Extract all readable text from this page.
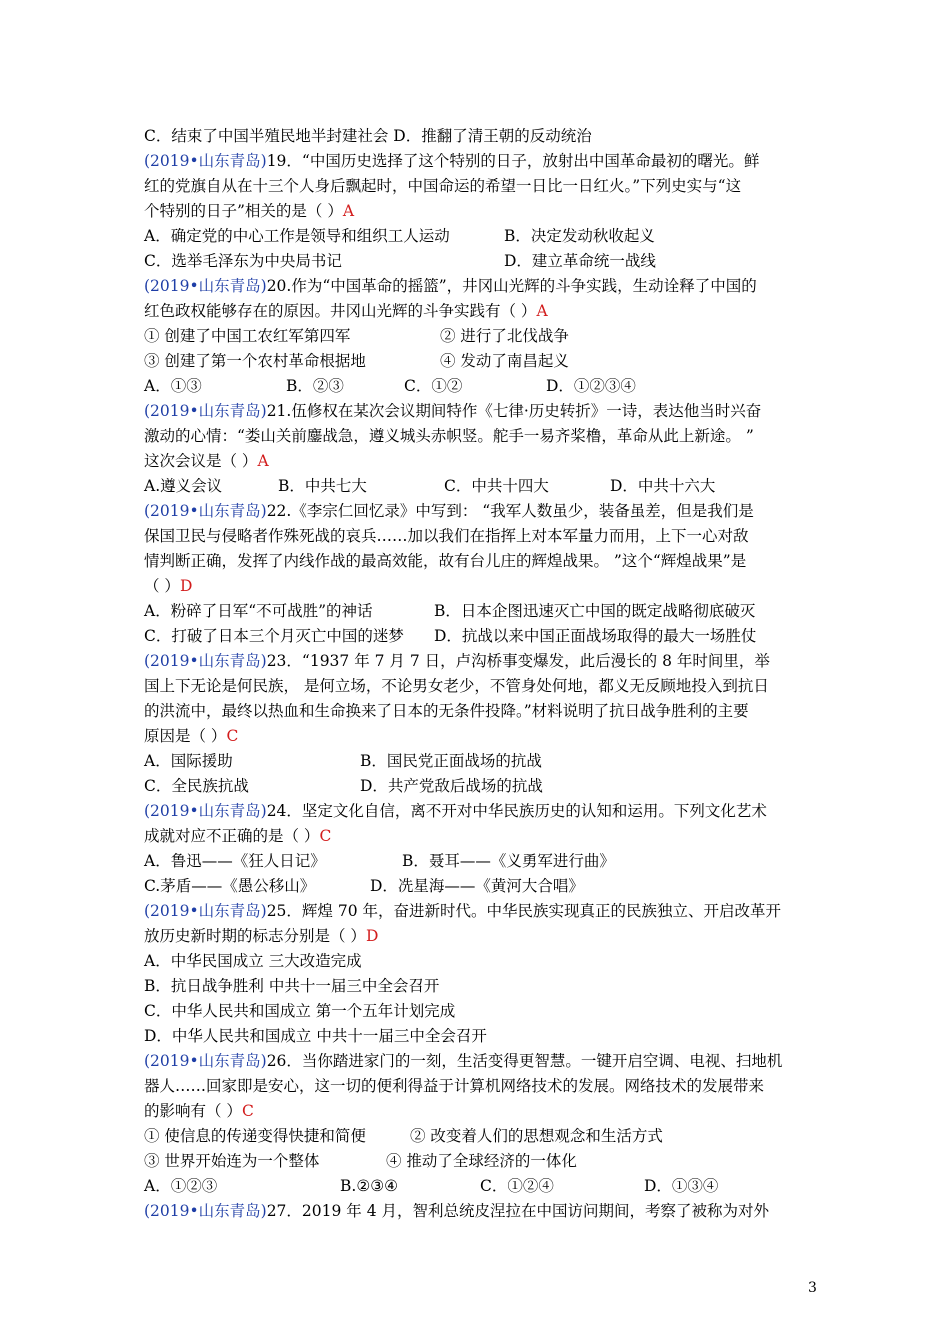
C．结束了中国半殖民地半封建社会 D．推翻了清王朝的反动统治
(2019•山东青岛)19．“中国历史选择了这个特别的日子，放射出中国革命最初的曙光。鲜
红的党旗自从在十三个人身后飘起时，中国命运的希望一日比一日红火。”下列史实与“这
个特别的日子”相关的是（ ）A
A．确定党的中心工作是领导和组织工人运动	B．决定发动秋收起义
C．选举毛泽东为中央局书记	D．建立革命统一战线
(2019•山东青岛)20.作为“中国革命的摇篮”，井冈山光辉的斗争实践，生动诠释了中国的
红色政权能够存在的原因。井冈山光辉的斗争实践有（ ）A
① 创建了中国工农红军第四军	② 进行了北伐战争
③ 创建了第一个农村革命根据地	④ 发动了南昌起义
A．①③	B．②③	C．①②	D．①②③④
(2019•山东青岛)21.伍修权在某次会议期间特作《七律·历史转折》一诗，表达他当时兴奋
激动的心情：“娄山关前鏖战急，遵义城头赤帜竖。舵手一易齐桨橹，革命从此上新途。 ”
这次会议是（ ）A
A.遵义会议	B．中共七大	C．中共十四大	D．中共十六大
(2019•山东青岛)22.《李宗仁回忆录》中写到： “我军人数虽少，装备虽差，但是我们是
保国卫民与侵略者作殊死战的哀兵……加以我们在指挥上对本军量力而用，上下一心对敌
情判断正确，发挥了内线作战的最高效能，故有台儿庄的辉煌战果。 ”这个“辉煌战果”是
（ ）D
A．粉碎了日军“不可战胜”的神话	B．日本企图迅速灭亡中国的既定战略彻底破灭
C．打破了日本三个月灭亡中国的迷梦 D．抗战以来中国正面战场取得的最大一场胜仗
(2019•山东青岛)23．“1937 年 7 月 7 日，卢沟桥事变爆发，此后漫长的 8 年时间里，举
国上下无论是何民族， 是何立场，不论男女老少，不管身处何地，都义无反顾地投入到抗日
的洪流中，最终以热血和生命换来了日本的无条件投降。”材料说明了抗日战争胜利的主要
原因是（ ）C
A．国际援助	B．国民党正面战场的抗战
C．全民族抗战	D．共产党敌后战场的抗战
(2019•山东青岛)24．坚定文化自信，离不开对中华民族历史的认知和运用。下列文化艺术
成就对应不正确的是（ ）C
A．鲁迅——《狂人日记》	B．聂耳——《义勇军进行曲》
C.茅盾——《愚公移山》	D．冼星海——《黄河大合唱》
(2019•山东青岛)25．辉煌 70 年，奋进新时代。中华民族实现真正的民族独立、开启改革开
放历史新时期的标志分别是（ ）D
A．中华民国成立 三大改造完成
B．抗日战争胜利 中共十一届三中全会召开
C．中华人民共和国成立 第一个五年计划完成
D．中华人民共和国成立 中共十一届三中全会召开
(2019•山东青岛)26．当你踏进家门的一刻，生活变得更智慧。一键开启空调、电视、扫地机
器人……回家即是安心，这一切的便利得益于计算机网络技术的发展。网络技术的发展带来
的影响有（ ）C
① 使信息的传递变得快捷和简便	② 改变着人们的思想观念和生活方式
③ 世界开始连为一个整体	④ 推动了全球经济的一体化
A．①②③	B.②③④	C．①②④	D．①③④
(2019•山东青岛)27．2019 年 4 月，智利总统皮涅拉在中国访问期间，考察了被称为对外
3
